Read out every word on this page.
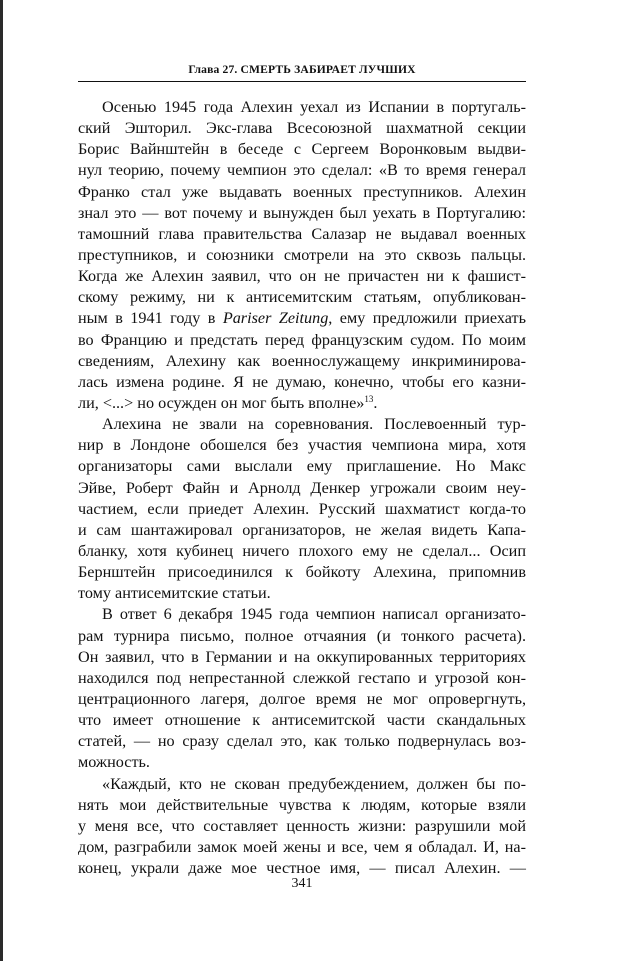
Глава 27. СМЕРТЬ ЗАБИРАЕТ ЛУЧШИХ
Осенью 1945 года Алехин уехал из Испании в португаль-
ский Эшторил. Экс-глава Всесоюзной шахматной секции
Борис Вайнштейн в беседе с Сергеем Воронковым выдви-
нул теорию, почему чемпион это сделал: «В то время генерал
Франко стал уже выдавать военных преступников. Алехин
знал это — вот почему и вынужден был уехать в Португалию:
тамошний глава правительства Салазар не выдавал военных
преступников, и союзники смотрели на это сквозь пальцы.
Когда же Алехин заявил, что он не причастен ни к фашист-
скому режиму, ни к антисемитским статьям, опубликован-
ным в 1941 году в Pariser Zeitung, ему предложили приехать
во Францию и предстать перед французским судом. По моим
сведениям, Алехину как военнослужащему инкриминирова-
лась измена родине. Я не думаю, конечно, чтобы его казни-
ли, <...> но осужден он мог быть вполне»$^{13}$.
Алехина не звали на соревнования. Послевоенный тур-
нир в Лондоне обошелся без участия чемпиона мира, хотя
организаторы сами выслали ему приглашение. Но Макс
Эйве, Роберт Файн и Арнолд Денкер угрожали своим неу-
частием, если приедет Алехин. Русский шахматист когда-то
и сам шантажировал организаторов, не желая видеть Капа-
бланку, хотя кубинец ничего плохого ему не сделал... Осип
Бернштейн присоединился к бойкоту Алехина, припомнив
тому антисемитские статьи.
В ответ 6 декабря 1945 года чемпион написал организато-
рам турнира письмо, полное отчаяния (и тонкого расчета).
Он заявил, что в Германии и на оккупированных территориях
находился под непрестанной слежкой гестапо и угрозой кон-
центрационного лагеря, долгое время не мог опровергнуть,
что имеет отношение к антисемитской части скандальных
статей, — но сразу сделал это, как только подвернулась воз-
можность.
«Каждый, кто не скован предубеждением, должен бы по-
нять мои действительные чувства к людям, которые взяли
у меня все, что составляет ценность жизни: разрушили мой
дом, разграбили замок моей жены и все, чем я обладал. И, на-
конец, украли даже мое честное имя, — писал Алехин. —
341
